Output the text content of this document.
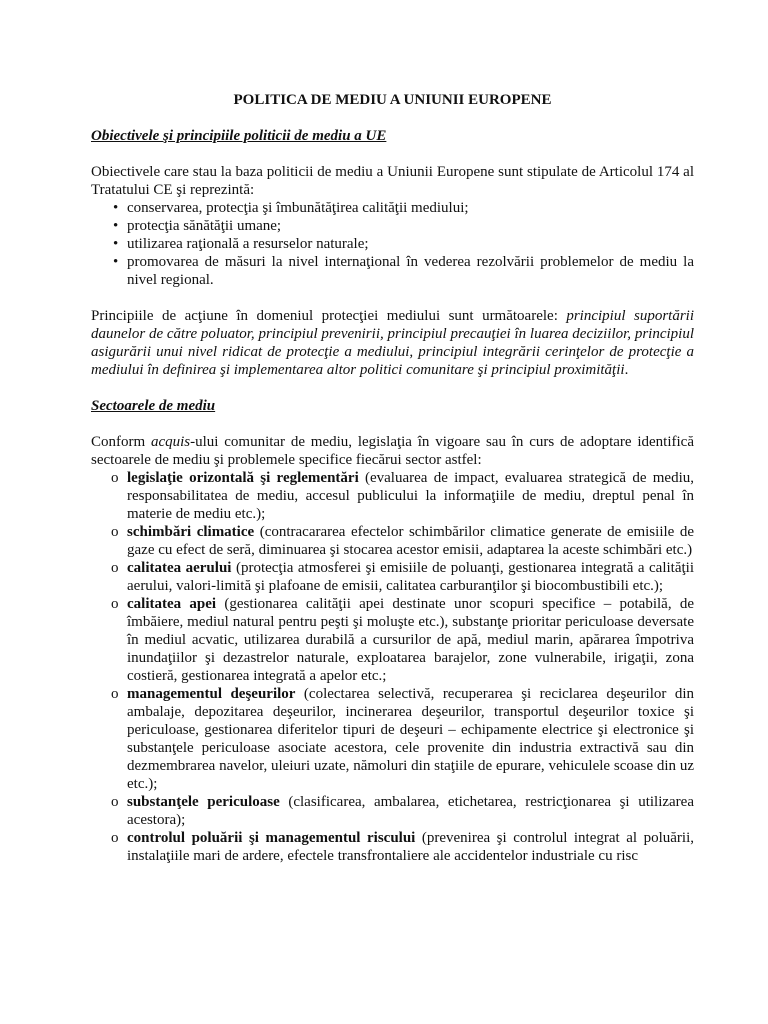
POLITICA DE MEDIU A UNIUNII EUROPENE
Obiectivele şi principiile politicii de mediu a UE

Obiectivele care stau la baza politicii de mediu a Uniunii Europene sunt stipulate de Articolul 174 al Tratatului CE şi reprezintă:

• conservarea, protecţia şi îmbunătăţirea calităţii mediului;
• protecţia sănătăţii umane;
• utilizarea raţională a resurselor naturale;
• promovarea de măsuri la nivel internaţional în vederea rezolvării problemelor de mediu la nivel regional.

Principiile de acţiune în domeniul protecţiei mediului sunt următoarele: principiul suportării daunelor de către poluator, principiul prevenirii, principiul precauţiei în luarea deciziilor, principiul asigurării unui nivel ridicat de protecţie a mediului, principiul integrării cerinţelor de protecţie a mediului în definirea şi implementarea altor politici comunitare şi principiul proximităţii.

Sectoarele de mediu

Conform acquis-ului comunitar de mediu, legislaţia în vigoare sau în curs de adoptare identifică sectoarele de mediu şi problemele specifice fiecărui sector astfel:

o legislaţie orizontală şi reglementări (evaluarea de impact, evaluarea strategică de mediu, responsabilitatea de mediu, accesul publicului la informaţiile de mediu, dreptul penal în materie de mediu etc.);
o schimbări climatice (contracararea efectelor schimbărilor climatice generate de emisiile de gaze cu efect de seră, diminuarea şi stocarea acestor emisii, adaptarea la aceste schimbări etc.)
o calitatea aerului (protecţia atmosferei şi emisiile de poluanţi, gestionarea integrată a calităţii aerului, valori-limită şi plafoane de emisii, calitatea carburanţilor şi biocombustibili etc.);
o calitatea apei (gestionarea calităţii apei destinate unor scopuri specifice – potabilă, de îmbăiere, mediul natural pentru peşti şi moluşte etc.), substanţe prioritar periculoase deversate în mediul acvatic, utilizarea durabilă a cursurilor de apă, mediul marin, apărarea împotriva inundaţiilor şi dezastrelor naturale, exploatarea barajelor, zone vulnerabile, irigaţii, zona costieră, gestionarea integrată a apelor etc.;
o managementul deşeurilor (colectarea selectivă, recuperarea şi reciclarea deşeurilor din ambalaje, depozitarea deşeurilor, incinerarea deşeurilor, transportul deşeurilor toxice şi periculoase, gestionarea diferitelor tipuri de deşeuri – echipamente electrice şi electronice şi substanţele periculoase asociate acestora, cele provenite din industria extractivă sau din dezmembrarea navelor, uleiuri uzate, nămoluri din staţiile de epurare, vehiculele scoase din uz etc.);
o substanţele periculoase (clasificarea, ambalarea, etichetarea, restricţionarea şi utilizarea acestora);
o controlul poluării şi managementul riscului (prevenirea şi controlul integrat al poluării, instalaţiile mari de ardere, efectele transfrontaliere ale accidentelor industriale cu risc
